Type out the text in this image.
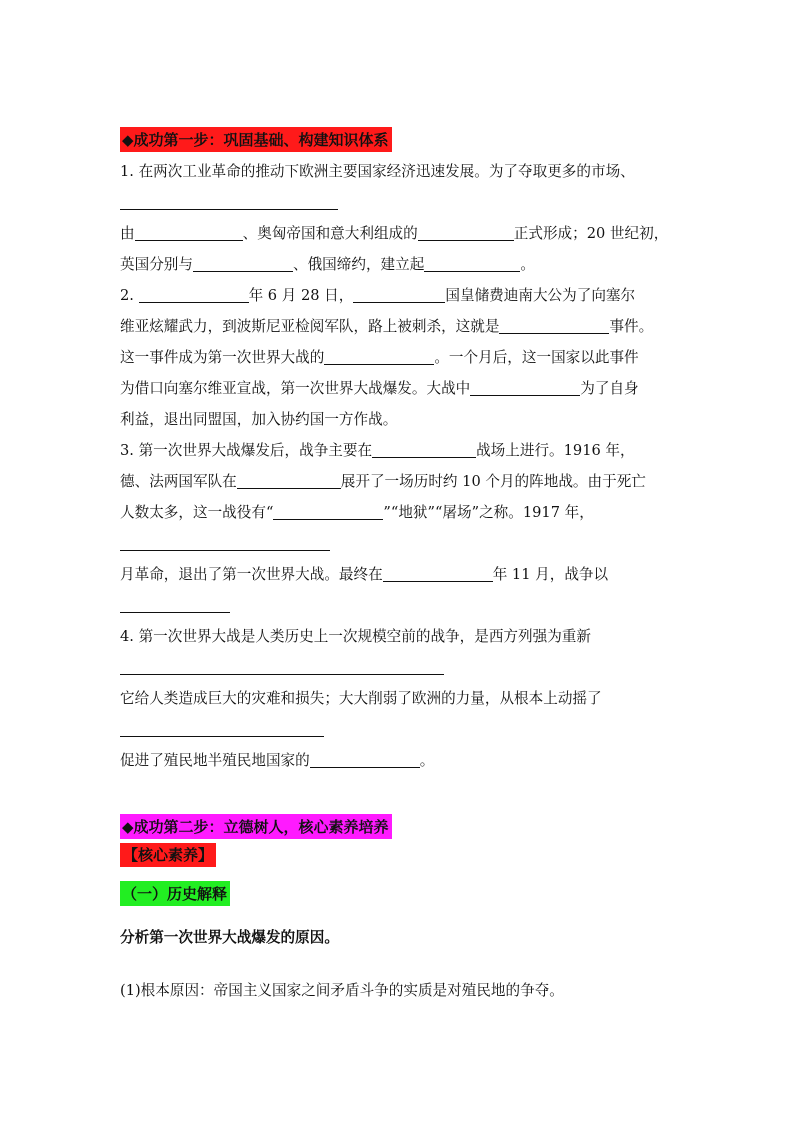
◆成功第一步：巩固基础、构建知识体系
1. 在两次工业革命的推动下欧洲主要国家经济迅速发展。为了夺取更多的市场、
由	、奥匈帝国和意大利组成的	正式形成；20 世纪初，
英国分别与	、俄国缔约，建立起	。
2.	年 6 月 28 日，	国皇储费迪南大公为了向塞尔
维亚炫耀武力，到波斯尼亚检阅军队，路上被刺杀，这就是	事件。
这一事件成为第一次世界大战的	。一个月后，这一国家以此事件
为借口向塞尔维亚宣战，第一次世界大战爆发。大战中	为了自身
利益，退出同盟国，加入协约国一方作战。
3. 第一次世界大战爆发后，战争主要在	战场上进行。1916 年，
德、法两国军队在	展开了一场历时约 10 个月的阵地战。由于死亡
人数太多，这一战役有“	”“地狱”“屠场”之称。1917 年，
月革命，退出了第一次世界大战。最终在	年 11 月，战争以
4. 第一次世界大战是人类历史上一次规模空前的战争，是西方列强为重新
它给人类造成巨大的灾难和损失；大大削弱了欧洲的力量，从根本上动摇了
促进了殖民地半殖民地国家的	。
◆成功第二步：立德树人，核心素养培养
【核心素养】
（一）历史解释

分析第一次世界大战爆发的原因。

(1)根本原因：帝国主义国家之间矛盾斗争的实质是对殖民地的争夺。
